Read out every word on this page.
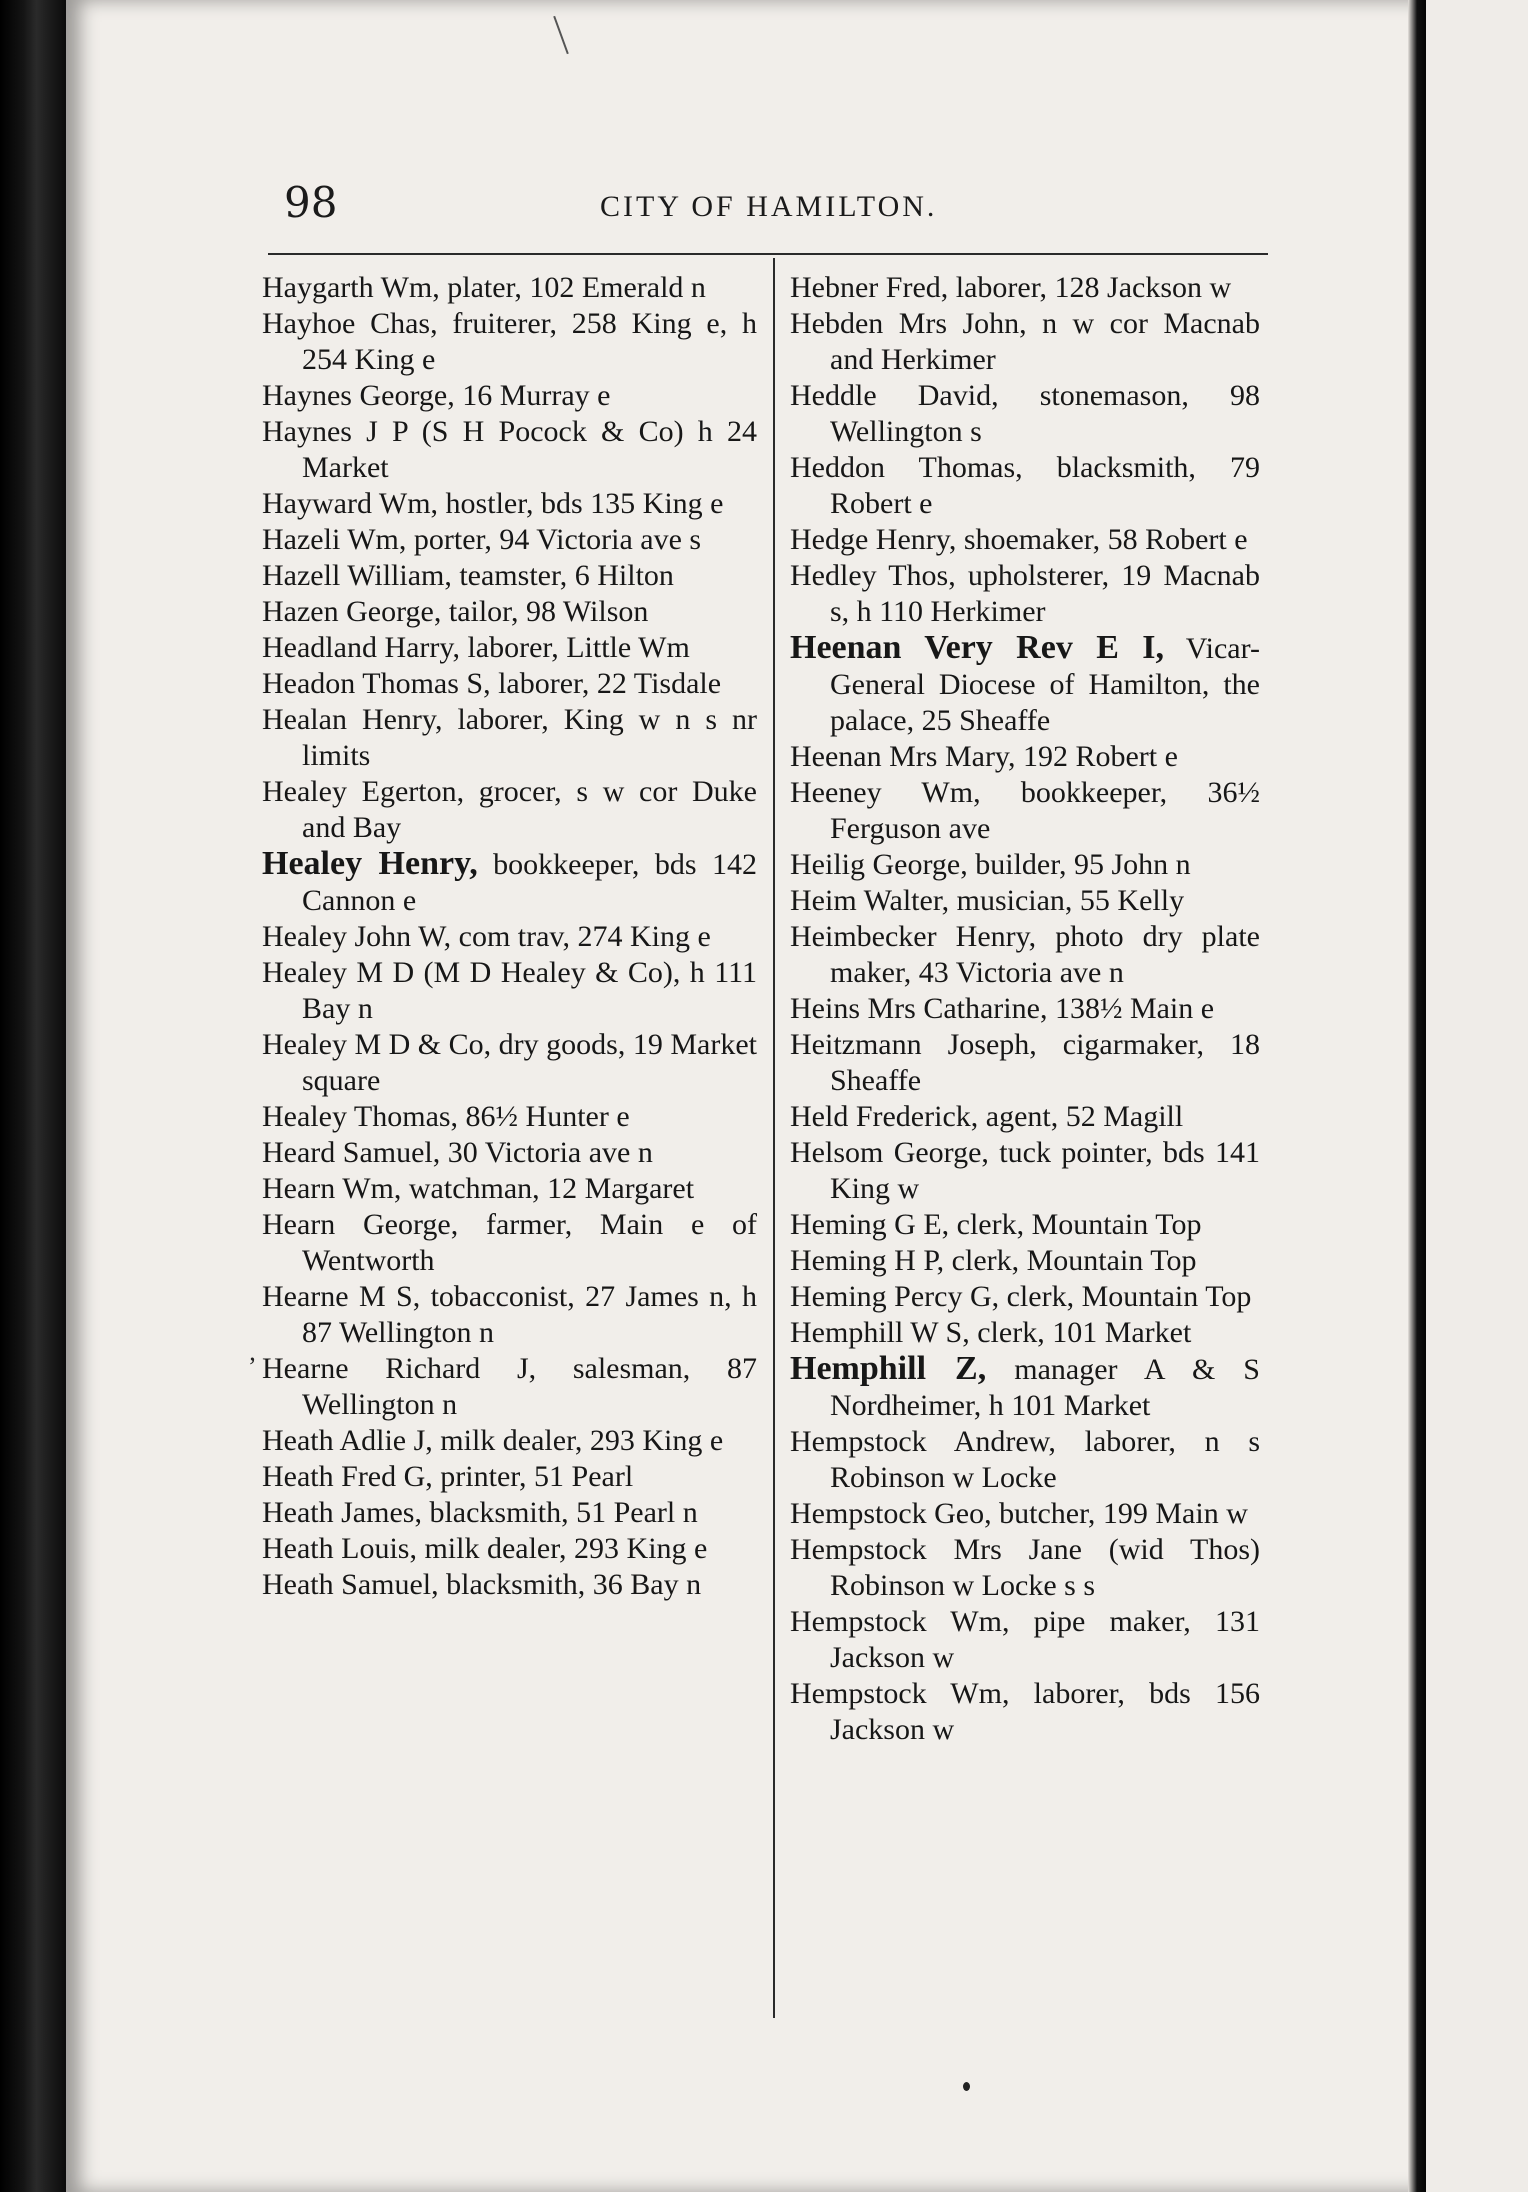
98	CITY OF HAMILTON.
‚

Haygarth Wm, plater, 102 Emerald n

Hayhoe Chas, fruiterer, 258 King e, h 254 King e

Haynes George, 16 Murray e

Haynes J P (S H Pocock & Co) h 24 Market

Hayward Wm, hostler, bds 135 King e

Hazeli Wm, porter, 94 Victoria ave s

Hazell William, teamster, 6 Hilton

Hazen George, tailor, 98 Wilson

Headland Harry, laborer, Little Wm

Headon Thomas S, laborer, 22 Tisdale

Healan Henry, laborer, King w n s nr limits

Healey Egerton, grocer, s w cor Duke and Bay

Healey Henry, bookkeeper, bds 142 Cannon e

Healey John W, com trav, 274 King e

Healey M D (M D Healey & Co), h 111 Bay n

Healey M D & Co, dry goods, 19 Market square

Healey Thomas, 86½ Hunter e

Heard Samuel, 30 Victoria ave n

Hearn Wm, watchman, 12 Margaret

Hearn George, farmer, Main e of Wentworth

Hearne M S, tobacconist, 27 James n, h 87 Wellington n

Hearne Richard J, salesman, 87 Wellington n

Heath Adlie J, milk dealer, 293 King e

Heath Fred G, printer, 51 Pearl

Heath James, blacksmith, 51 Pearl n

Heath Louis, milk dealer, 293 King e

Heath Samuel, blacksmith, 36 Bay n

Hebner Fred, laborer, 128 Jackson w

Hebden Mrs John, n w cor Macnab and Herkimer

Heddle David, stonemason, 98 Wellington s

Heddon Thomas, blacksmith, 79 Robert e

Hedge Henry, shoemaker, 58 Robert e

Hedley Thos, upholsterer, 19 Macnab s, h 110 Herkimer

Heenan Very Rev E I, Vicar-General Diocese of Hamilton, the palace, 25 Sheaffe

Heenan Mrs Mary, 192 Robert e

Heeney Wm, bookkeeper, 36½ Ferguson ave

Heilig George, builder, 95 John n

Heim Walter, musician, 55 Kelly

Heimbecker Henry, photo dry plate maker, 43 Victoria ave n

Heins Mrs Catharine, 138½ Main e

Heitzmann Joseph, cigarmaker, 18 Sheaffe

Held Frederick, agent, 52 Magill

Helsom George, tuck pointer, bds 141 King w

Heming G E, clerk, Mountain Top

Heming H P, clerk, Mountain Top

Heming Percy G, clerk, Mountain Top

Hemphill W S, clerk, 101 Market

Hemphill Z, manager A & S Nordheimer, h 101 Market

Hempstock Andrew, laborer, n s Robinson w Locke

Hempstock Geo, butcher, 199 Main w

Hempstock Mrs Jane (wid Thos) Robinson w Locke s s

Hempstock Wm, pipe maker, 131 Jackson w

Hempstock Wm, laborer, bds 156 Jackson w
